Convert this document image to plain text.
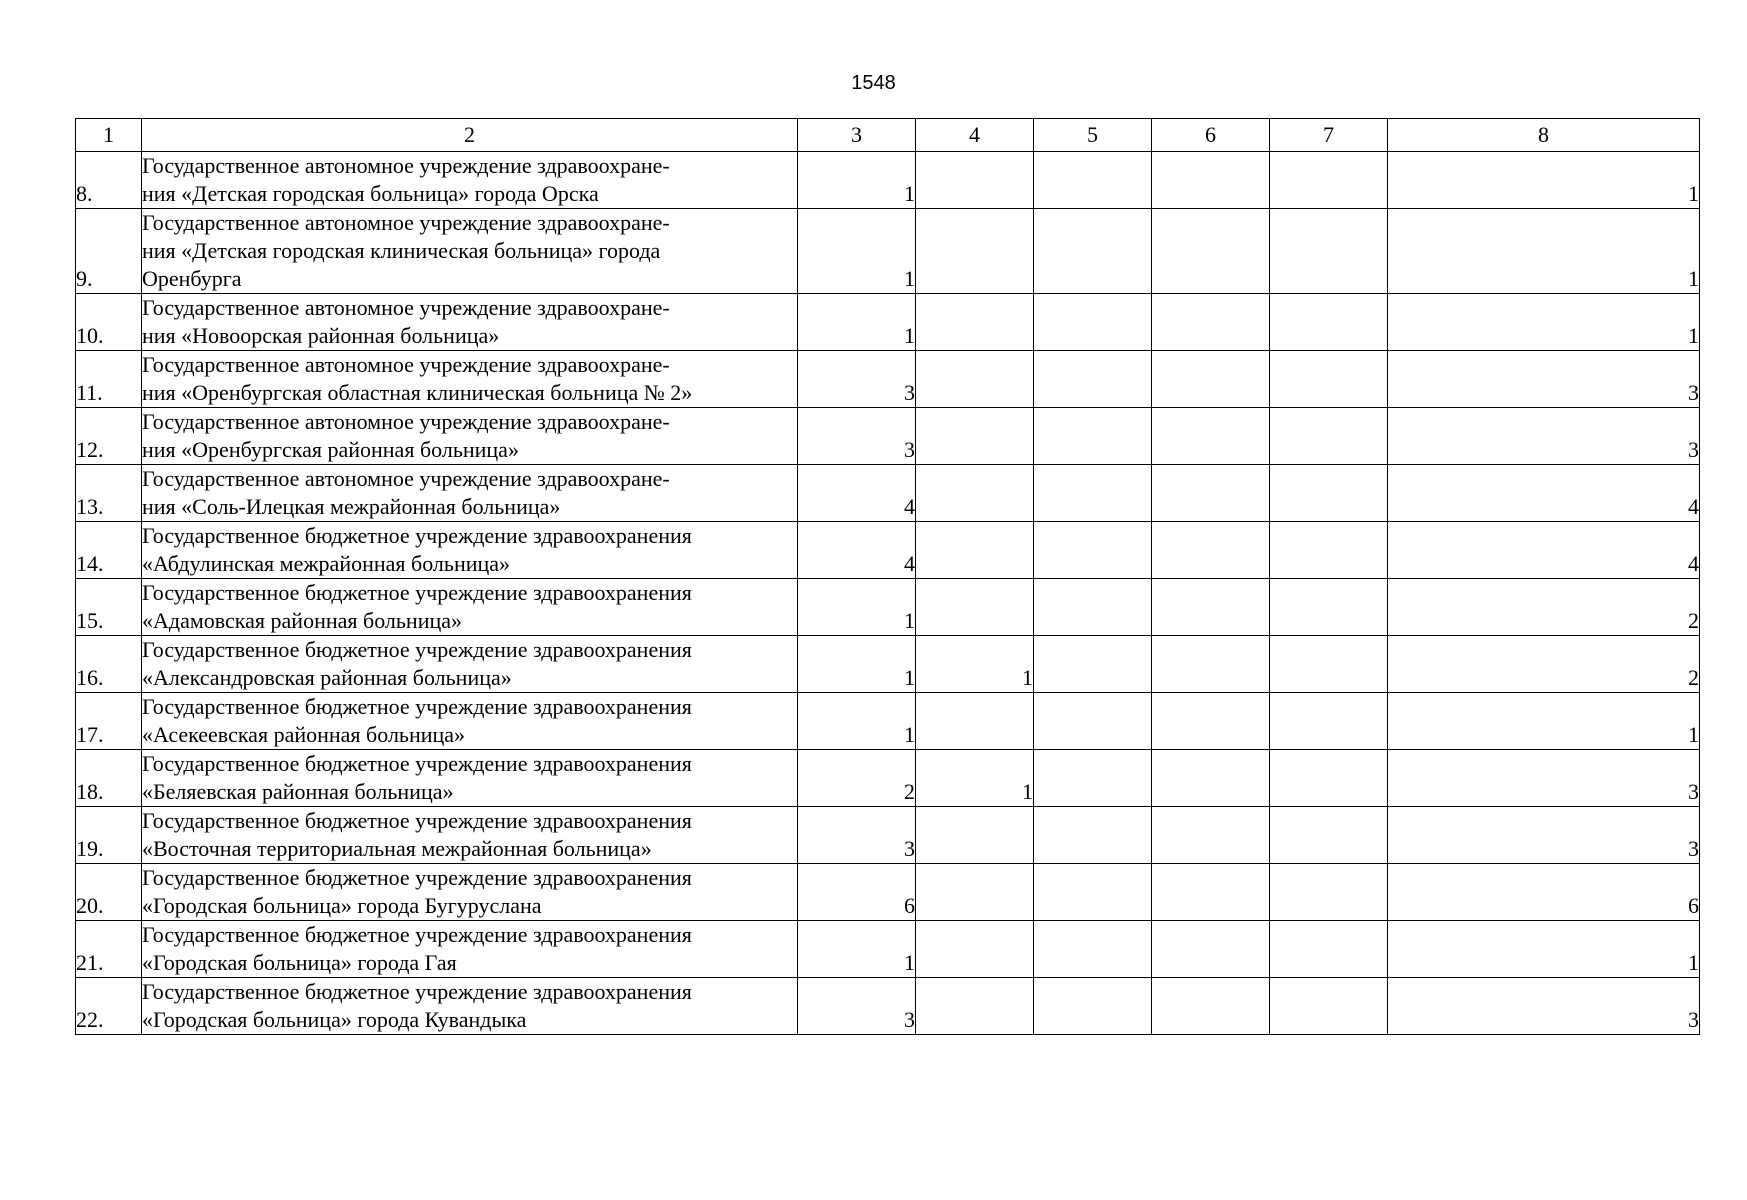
1548
1	2	3	4	5	6	7	8
8.	Государственное автономное учреждение здравоохране-
ния «Детская городская больница» города Орска	1					1
9.	Государственное автономное учреждение здравоохране-
ния «Детская городская клиническая больница» города
Оренбурга	1					1
10.	Государственное автономное учреждение здравоохране-
ния «Новоорская районная больница»	1					1
11.	Государственное автономное учреждение здравоохране-
ния «Оренбургская областная клиническая больница № 2»	3					3
12.	Государственное автономное учреждение здравоохране-
ния «Оренбургская районная больница»	3					3
13.	Государственное автономное учреждение здравоохране-
ния «Соль-Илецкая межрайонная больница»	4					4
14.	Государственное бюджетное учреждение здравоохранения
«Абдулинская межрайонная больница»	4					4
15.	Государственное бюджетное учреждение здравоохранения
«Адамовская районная больница»	1					2
16.	Государственное бюджетное учреждение здравоохранения
«Александровская районная больница»	1	1				2
17.	Государственное бюджетное учреждение здравоохранения
«Асекеевская районная больница»	1					1
18.	Государственное бюджетное учреждение здравоохранения
«Беляевская районная больница»	2	1				3
19.	Государственное бюджетное учреждение здравоохранения
«Восточная территориальная межрайонная больница»	3					3
20.	Государственное бюджетное учреждение здравоохранения
«Городская больница» города Бугуруслана	6					6
21.	Государственное бюджетное учреждение здравоохранения
«Городская больница» города Гая	1					1
22.	Государственное бюджетное учреждение здравоохранения
«Городская больница» города Кувандыка	3					3
